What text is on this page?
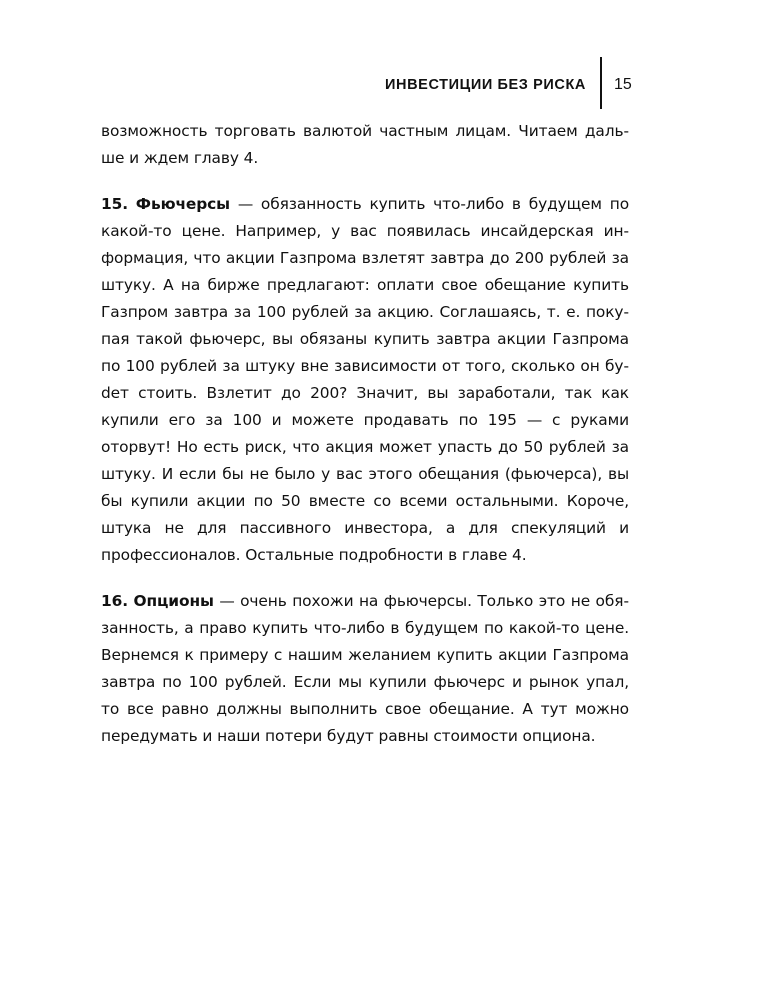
ИНВЕСТИЦИИ БЕЗ РИСКА 15

возможность торговать валютой частным лицам. Читаем дальше и ждем главу 4.

15. Фьючерсы — обязанность купить что-либо в будущем по какой-то цене. Например, у вас появилась инсайдерская информация, что акции Газпрома взлетят завтра до 200 рублей за штуку. А на бирже предлагают: оплати свое обещание купить Газпром завтра за 100 рублей за акцию. Соглашаясь, т. е. покупая такой фьючерс, вы обязаны купить завтра акции Газпрома по 100 рублей за штуку вне зависимости от того, сколько он буdет стоить. Взлетит до 200? Значит, вы заработали, так как купили его за 100 и можете продавать по 195 — с руками оторвут! Но есть риск, что акция может упасть до 50 рублей за штуку. И если бы не было у вас этого обещания (фьючерса), вы бы купили акции по 50 вместе со всеми остальными. Короче, штука не для пассивного инвестора, а для спекуляций и профессионалов. Остальные подробности в главе 4.

16. Опционы — очень похожи на фьючерсы. Только это не обязанность, а право купить что-либо в будущем по какой-то цене. Вернемся к примеру с нашим желанием купить акции Газпрома завтра по 100 рублей. Если мы купили фьючерс и рынок упал, то все равно должны выполнить свое обещание. А тут можно передумать и наши потери будут равны стоимости опциона.
